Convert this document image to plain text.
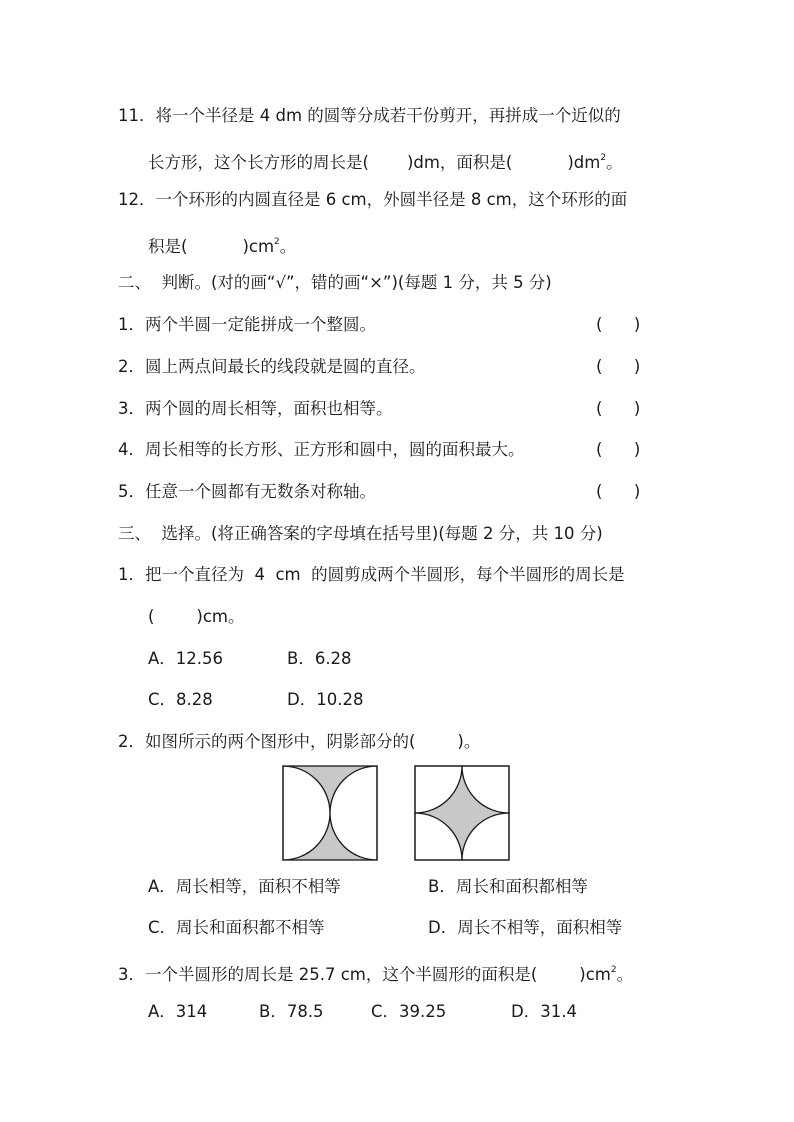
11．将一个半径是 4 dm 的圆等分成若干份剪开，再拼成一个近似的
长方形，这个长方形的周长是( )dm，面积是(	)$dm^2$。
12．一个环形的内圆直径是 6 cm，外圆半径是 8 cm，这个环形的面
积是(	)$cm^2$。
二、  判断。(对的画“√”，错的画“×”)(每题 1 分，共 5 分)
1．两个半圆一定能拼成一个整圆。	(      )
2．圆上两点间最长的线段就是圆的直径。	(      )
3．两个圆的周长相等，面积也相等。	(      )
4．周长相等的长方形、正方形和圆中，圆的面积最大。	(      )
5．任意一个圆都有无数条对称轴。	(      )
三、  选择。(将正确答案的字母填在括号里)(每题 2 分，共 10 分)
1．把一个直径为  4  cm  的圆剪成两个半圆形，每个半圆形的周长是
(        )cm。
A．12.56	B．6.28
C．8.28	D．10.28
2．如图所示的两个图形中，阴影部分的(        )。
A．周长相等，面积不相等	B．周长和面积都相等
C．周长和面积都不相等	D．周长不相等，面积相等
3．一个半圆形的周长是 25.7 cm，这个半圆形的面积是(        )$cm^2$。
A．314	B．78.5	C．39.25	D．31.4
